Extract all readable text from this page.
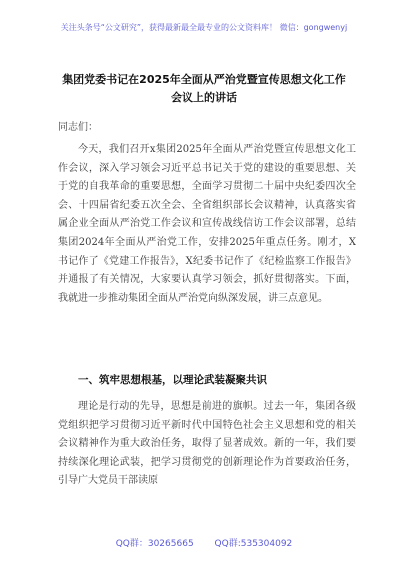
关注头条号“公文研究”，获得最新最全最专业的公文资料库！ 微信：gongwenyj
集团党委书记在2025年全面从严治党暨宣传思想文化工作
会议上的讲话
同志们：

今天，我们召开x集团2025年全面从严治党暨宣传思想文化工作会议，深入学习领会习近平总书记关于党的建设的重要思想、关于党的自我革命的重要思想，全面学习贯彻二十届中央纪委四次全会、十四届省纪委五次全会、全省组织部长会议精神，认真落实省属企业全面从严治党工作会议和宣传战线信访工作会议部署，总结集团2024年全面从严治党工作，安排2025年重点任务。刚才，X书记作了《党建工作报告》，X纪委书记作了《纪检监察工作报告》并通报了有关情况，大家要认真学习领会，抓好贯彻落实。下面，我就进一步推动集团全面从严治党向纵深发展，讲三点意见。

一、筑牢思想根基，以理论武装凝聚共识

理论是行动的先导，思想是前进的旗帜。过去一年，集团各级党组织把学习贯彻习近平新时代中国特色社会主义思想和党的相关会议精神作为重大政治任务，取得了显著成效。新的一年，我们要持续深化理论武装，把学习贯彻党的创新理论作为首要政治任务，引导广大党员干部读原

QQ群：30265665 QQ群:535304092
